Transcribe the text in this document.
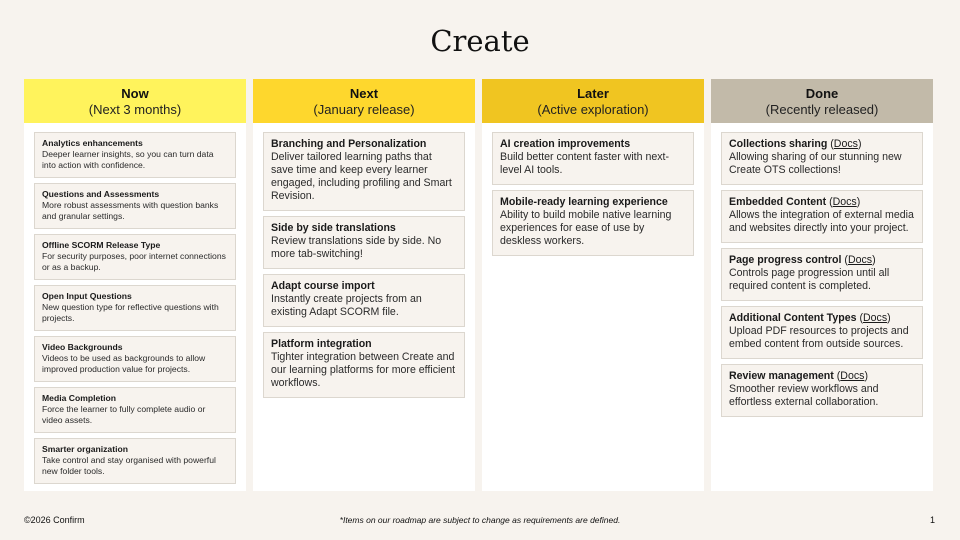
Create
Now
(Next 3 months)
Analytics enhancements
Deeper learner insights, so you can turn data into action with confidence.
Questions and Assessments
More robust assessments with question banks and granular settings.
Offline SCORM Release Type
For security purposes, poor internet connections or as a backup.
Open Input Questions
New question type for reflective questions with projects.
Video Backgrounds
Videos to be used as backgrounds to allow improved production value for projects.
Media Completion
Force the learner to fully complete audio or video assets.
Smarter organization
Take control and stay organised with powerful new folder tools.
Next
(January release)
Branching and Personalization
Deliver tailored learning paths that save time and keep every learner engaged, including profiling and Smart Revision.
Side by side translations
Review translations side by side. No more tab-switching!
Adapt course import
Instantly create projects from an existing Adapt SCORM file.
Platform integration
Tighter integration between Create and our learning platforms for more efficient workflows.
Later
(Active exploration)
AI creation improvements
Build better content faster with next-level AI tools.
Mobile-ready learning experience
Ability to build mobile native learning experiences for ease of use by deskless workers.
Done
(Recently released)
Collections sharing (Docs)
Allowing sharing of our stunning new Create OTS collections!
Embedded Content (Docs)
Allows the integration of external media and websites directly into your project.
Page progress control (Docs)
Controls page progression until all required content is completed.
Additional Content Types (Docs)
Upload PDF resources to projects and embed content from outside sources.
Review management (Docs)
Smoother review workflows and effortless external collaboration.
©2026 Confirm	*Items on our roadmap are subject to change as requirements are defined.	1
